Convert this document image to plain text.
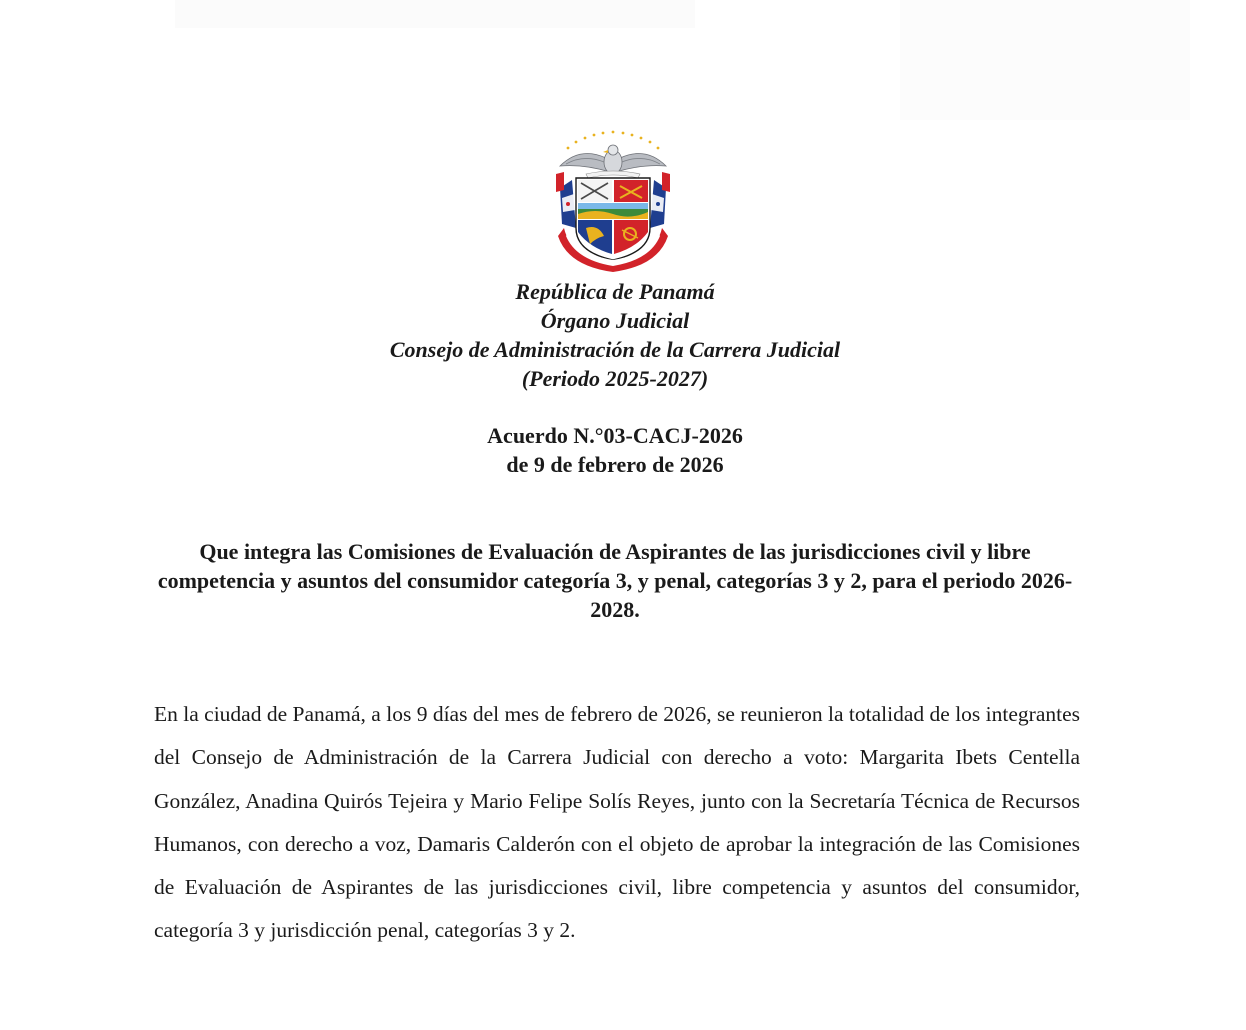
República de Panamá
Órgano Judicial
Consejo de Administración de la Carrera Judicial
(Periodo 2025-2027)
Acuerdo N.°03-CACJ-2026
de 9 de febrero de 2026
Que integra las Comisiones de Evaluación de Aspirantes de las jurisdicciones civil y libre competencia y asuntos del consumidor categoría 3, y penal, categorías 3 y 2, para el periodo 2026-2028.
En la ciudad de Panamá, a los 9 días del mes de febrero de 2026, se reunieron la totalidad de los integrantes del Consejo de Administración de la Carrera Judicial con derecho a voto: Margarita Ibets Centella González, Anadina Quirós Tejeira y Mario Felipe Solís Reyes, junto con la Secretaría Técnica de Recursos Humanos, con derecho a voz, Damaris Calderón con el objeto de aprobar la integración de las Comisiones de Evaluación de Aspirantes de las jurisdicciones civil, libre competencia y asuntos del consumidor, categoría 3 y jurisdicción penal, categorías 3 y 2.
